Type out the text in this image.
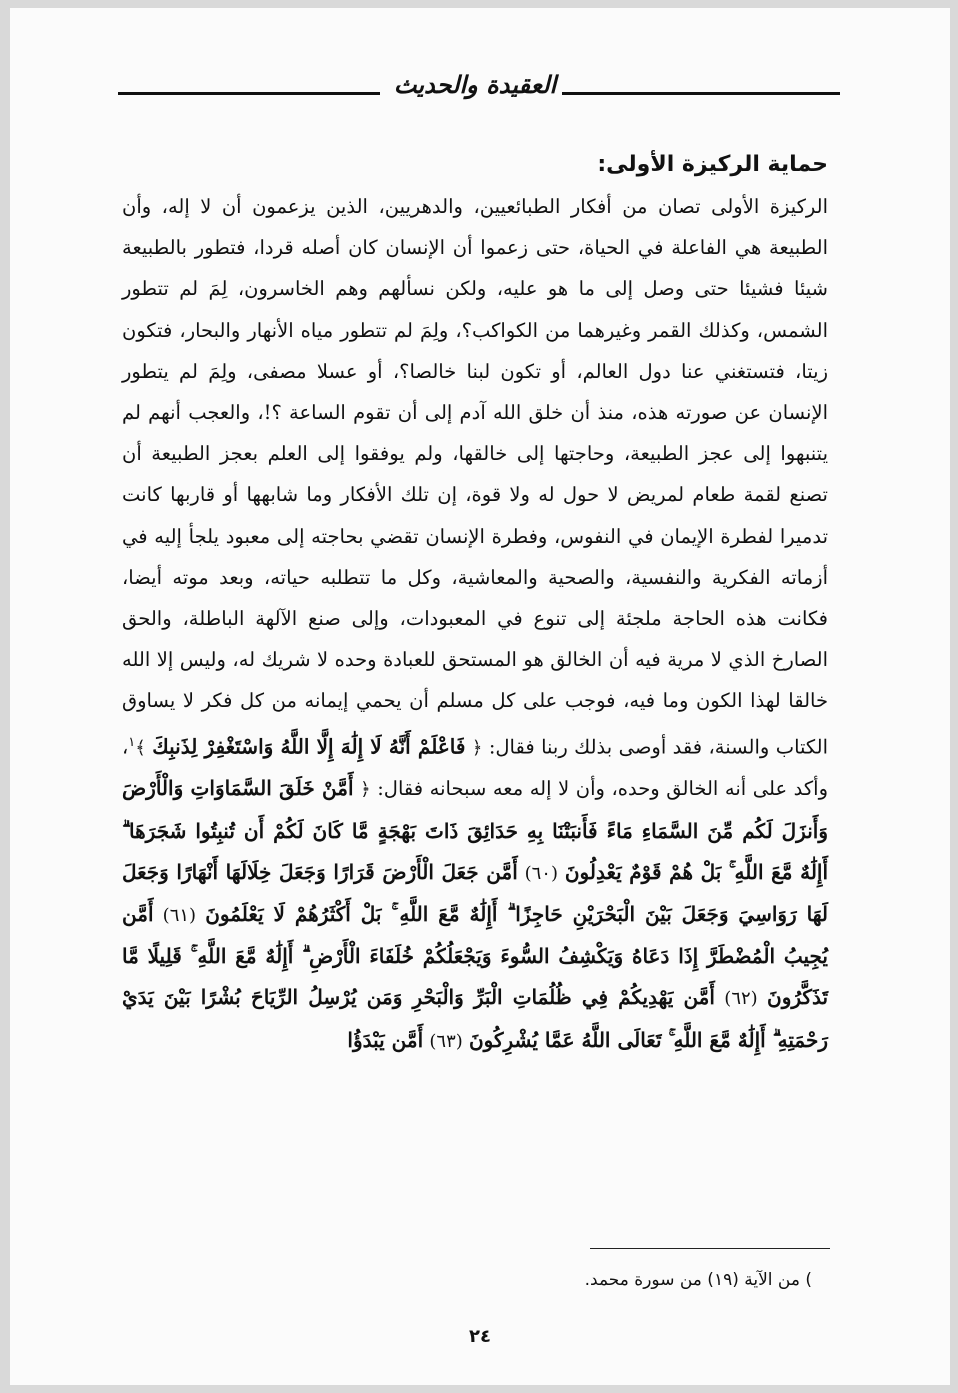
العقيدة والحديث
حماية الركيزة الأولى:

الركيزة الأولى تصان من أفكار الطبائعيين، والدهريين، الذين يزعمون أن لا إله، وأن الطبيعة هي الفاعلة في الحياة، حتى زعموا أن الإنسان كان أصله قردا، فتطور بالطبيعة شيئا فشيئا حتى وصل إلى ما هو عليه، ولكن نسألهم وهم الخاسرون، لِمَ لم تتطور الشمس، وكذلك القمر وغيرهما من الكواكب؟، ولِمَ لم تتطور مياه الأنهار والبحار، فتكون زيتا، فتستغني عنا دول العالم، أو تكون لبنا خالصا؟، أو عسلا مصفى، ولِمَ لم يتطور الإنسان عن صورته هذه، منذ أن خلق الله آدم إلى أن تقوم الساعة ؟!، والعجب أنهم لم يتنبهوا إلى عجز الطبيعة، وحاجتها إلى خالقها، ولم يوفقوا إلى العلم بعجز الطبيعة أن تصنع لقمة طعام لمريض لا حول له ولا قوة، إن تلك الأفكار وما شابهها أو قاربها كانت تدميرا لفطرة الإيمان في النفوس، وفطرة الإنسان تقضي بحاجته إلى معبود يلجأ إليه في أزماته الفكرية والنفسية، والصحية والمعاشية، وكل ما تتطلبه حياته، وبعد موته أيضا، فكانت هذه الحاجة ملجئة إلى تنوع في المعبودات، وإلى صنع الآلهة الباطلة، والحق الصارخ الذي لا مرية فيه أن الخالق هو المستحق للعبادة وحده لا شريك له، وليس إلا الله خالقا لهذا الكون وما فيه، فوجب على كل مسلم أن يحمي إيمانه من كل فكر لا يساوق الكتاب والسنة، فقد أوصى بذلك ربنا فقال: ﴿ فَاعْلَمْ أَنَّهُ لَا إِلَٰهَ إِلَّا اللَّهُ وَاسْتَغْفِرْ لِذَنبِكَ ﴾$^١$، وأكد على أنه الخالق وحده، وأن لا إله معه سبحانه فقال: ﴿ أَمَّنْ خَلَقَ السَّمَاوَاتِ وَالْأَرْضَ وَأَنزَلَ لَكُم مِّنَ السَّمَاءِ مَاءً فَأَنبَتْنَا بِهِ حَدَائِقَ ذَاتَ بَهْجَةٍ مَّا كَانَ لَكُمْ أَن تُنبِتُوا شَجَرَهَا ۗ أَإِلَٰهٌ مَّعَ اللَّهِ ۚ بَلْ هُمْ قَوْمٌ يَعْدِلُونَ (٦٠) أَمَّن جَعَلَ الْأَرْضَ قَرَارًا وَجَعَلَ خِلَالَهَا أَنْهَارًا وَجَعَلَ لَهَا رَوَاسِيَ وَجَعَلَ بَيْنَ الْبَحْرَيْنِ حَاجِزًا ۗ أَإِلَٰهٌ مَّعَ اللَّهِ ۚ بَلْ أَكْثَرُهُمْ لَا يَعْلَمُونَ (٦١) أَمَّن يُجِيبُ الْمُضْطَرَّ إِذَا دَعَاهُ وَيَكْشِفُ السُّوءَ وَيَجْعَلُكُمْ خُلَفَاءَ الْأَرْضِ ۗ أَإِلَٰهٌ مَّعَ اللَّهِ ۚ قَلِيلًا مَّا تَذَكَّرُونَ (٦٢) أَمَّن يَهْدِيكُمْ فِي ظُلُمَاتِ الْبَرِّ وَالْبَحْرِ وَمَن يُرْسِلُ الرِّيَاحَ بُشْرًا بَيْنَ يَدَيْ رَحْمَتِهِ ۗ أَإِلَٰهٌ مَّعَ اللَّهِ ۚ تَعَالَى اللَّهُ عَمَّا يُشْرِكُونَ (٦٣) أَمَّن يَبْدَؤُا

) من الآية (١٩) من سورة محمد.
٢٤
